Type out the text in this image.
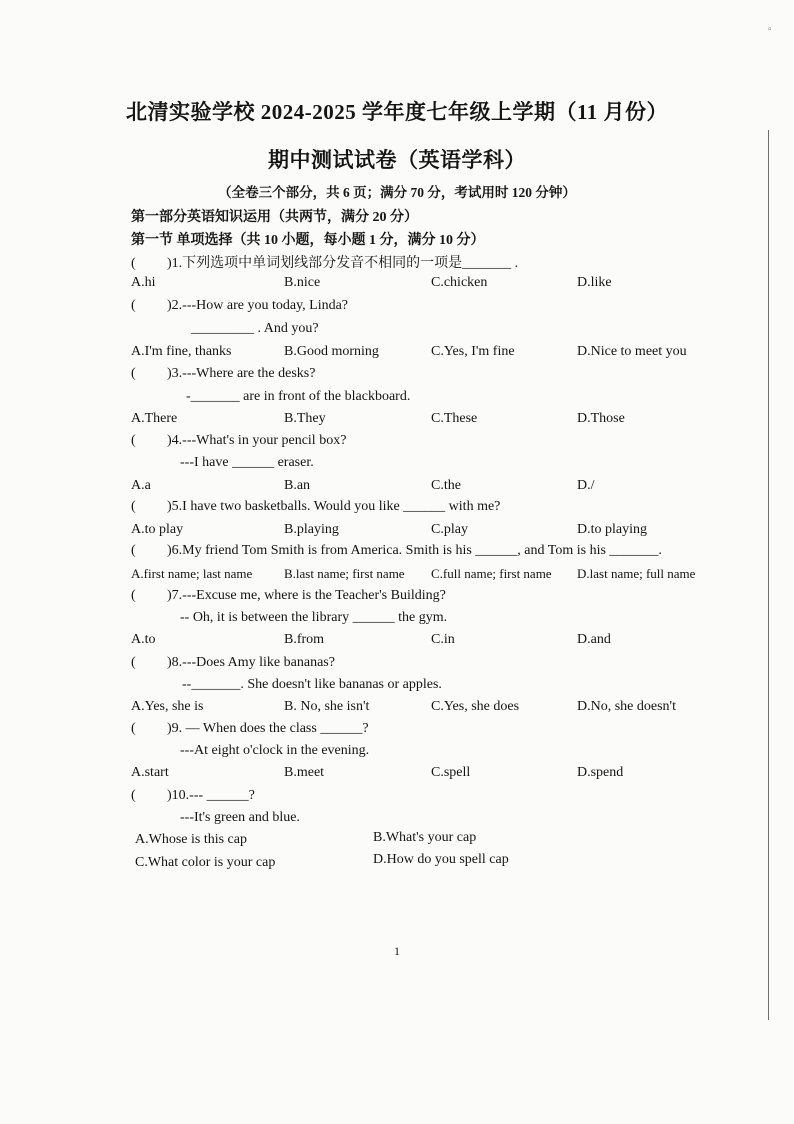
▫
北清实验学校 2024-2025 学年度七年级上学期（11 月份）
期中测试试卷（英语学科）
（全卷三个部分，共 6 页；满分 70 分，考试用时 120 分钟）
第一部分英语知识运用（共两节，满分 20 分）
第一节 单项选择（共 10 小题，每小题 1 分，满分 10 分）
( )1.下列选项中单词划线部分发音不相同的一项是_______ .
A.hi	B.nice	C.chicken	D.like
( )2.---How are you today, Linda?
_________ . And you?
A.I'm fine, thanks	B.Good morning	C.Yes, I'm fine	D.Nice to meet you
( )3.---Where are the desks?
-_______ are in front of the blackboard.
A.There	B.They	C.These	D.Those
( )4.---What's in your pencil box?
---I have ______ eraser.
A.a	B.an	C.the	D./
( )5.I have two basketballs. Would you like ______ with me?
A.to play	B.playing	C.play	D.to playing
( )6.My friend Tom Smith is from America. Smith is his ______, and Tom is his _______.
A.first name; last name B.last name; first name C.full name; first name D.last name; full name
( )7.---Excuse me, where is the Teacher's Building?
-- Oh, it is between the library ______ the gym.
A.to	B.from	C.in	D.and
( )8.---Does Amy like bananas?
--_______. She doesn't like bananas or apples.
A.Yes, she is	B. No, she isn't	C.Yes, she does	D.No, she doesn't
( )9. — When does the class ______?
---At eight o'clock in the evening.
A.start	B.meet	C.spell	D.spend
( )10.--- ______?
---It's green and blue.
A.Whose is this cap	B.What's your cap
C.What color is your cap	D.How do you spell cap
1
